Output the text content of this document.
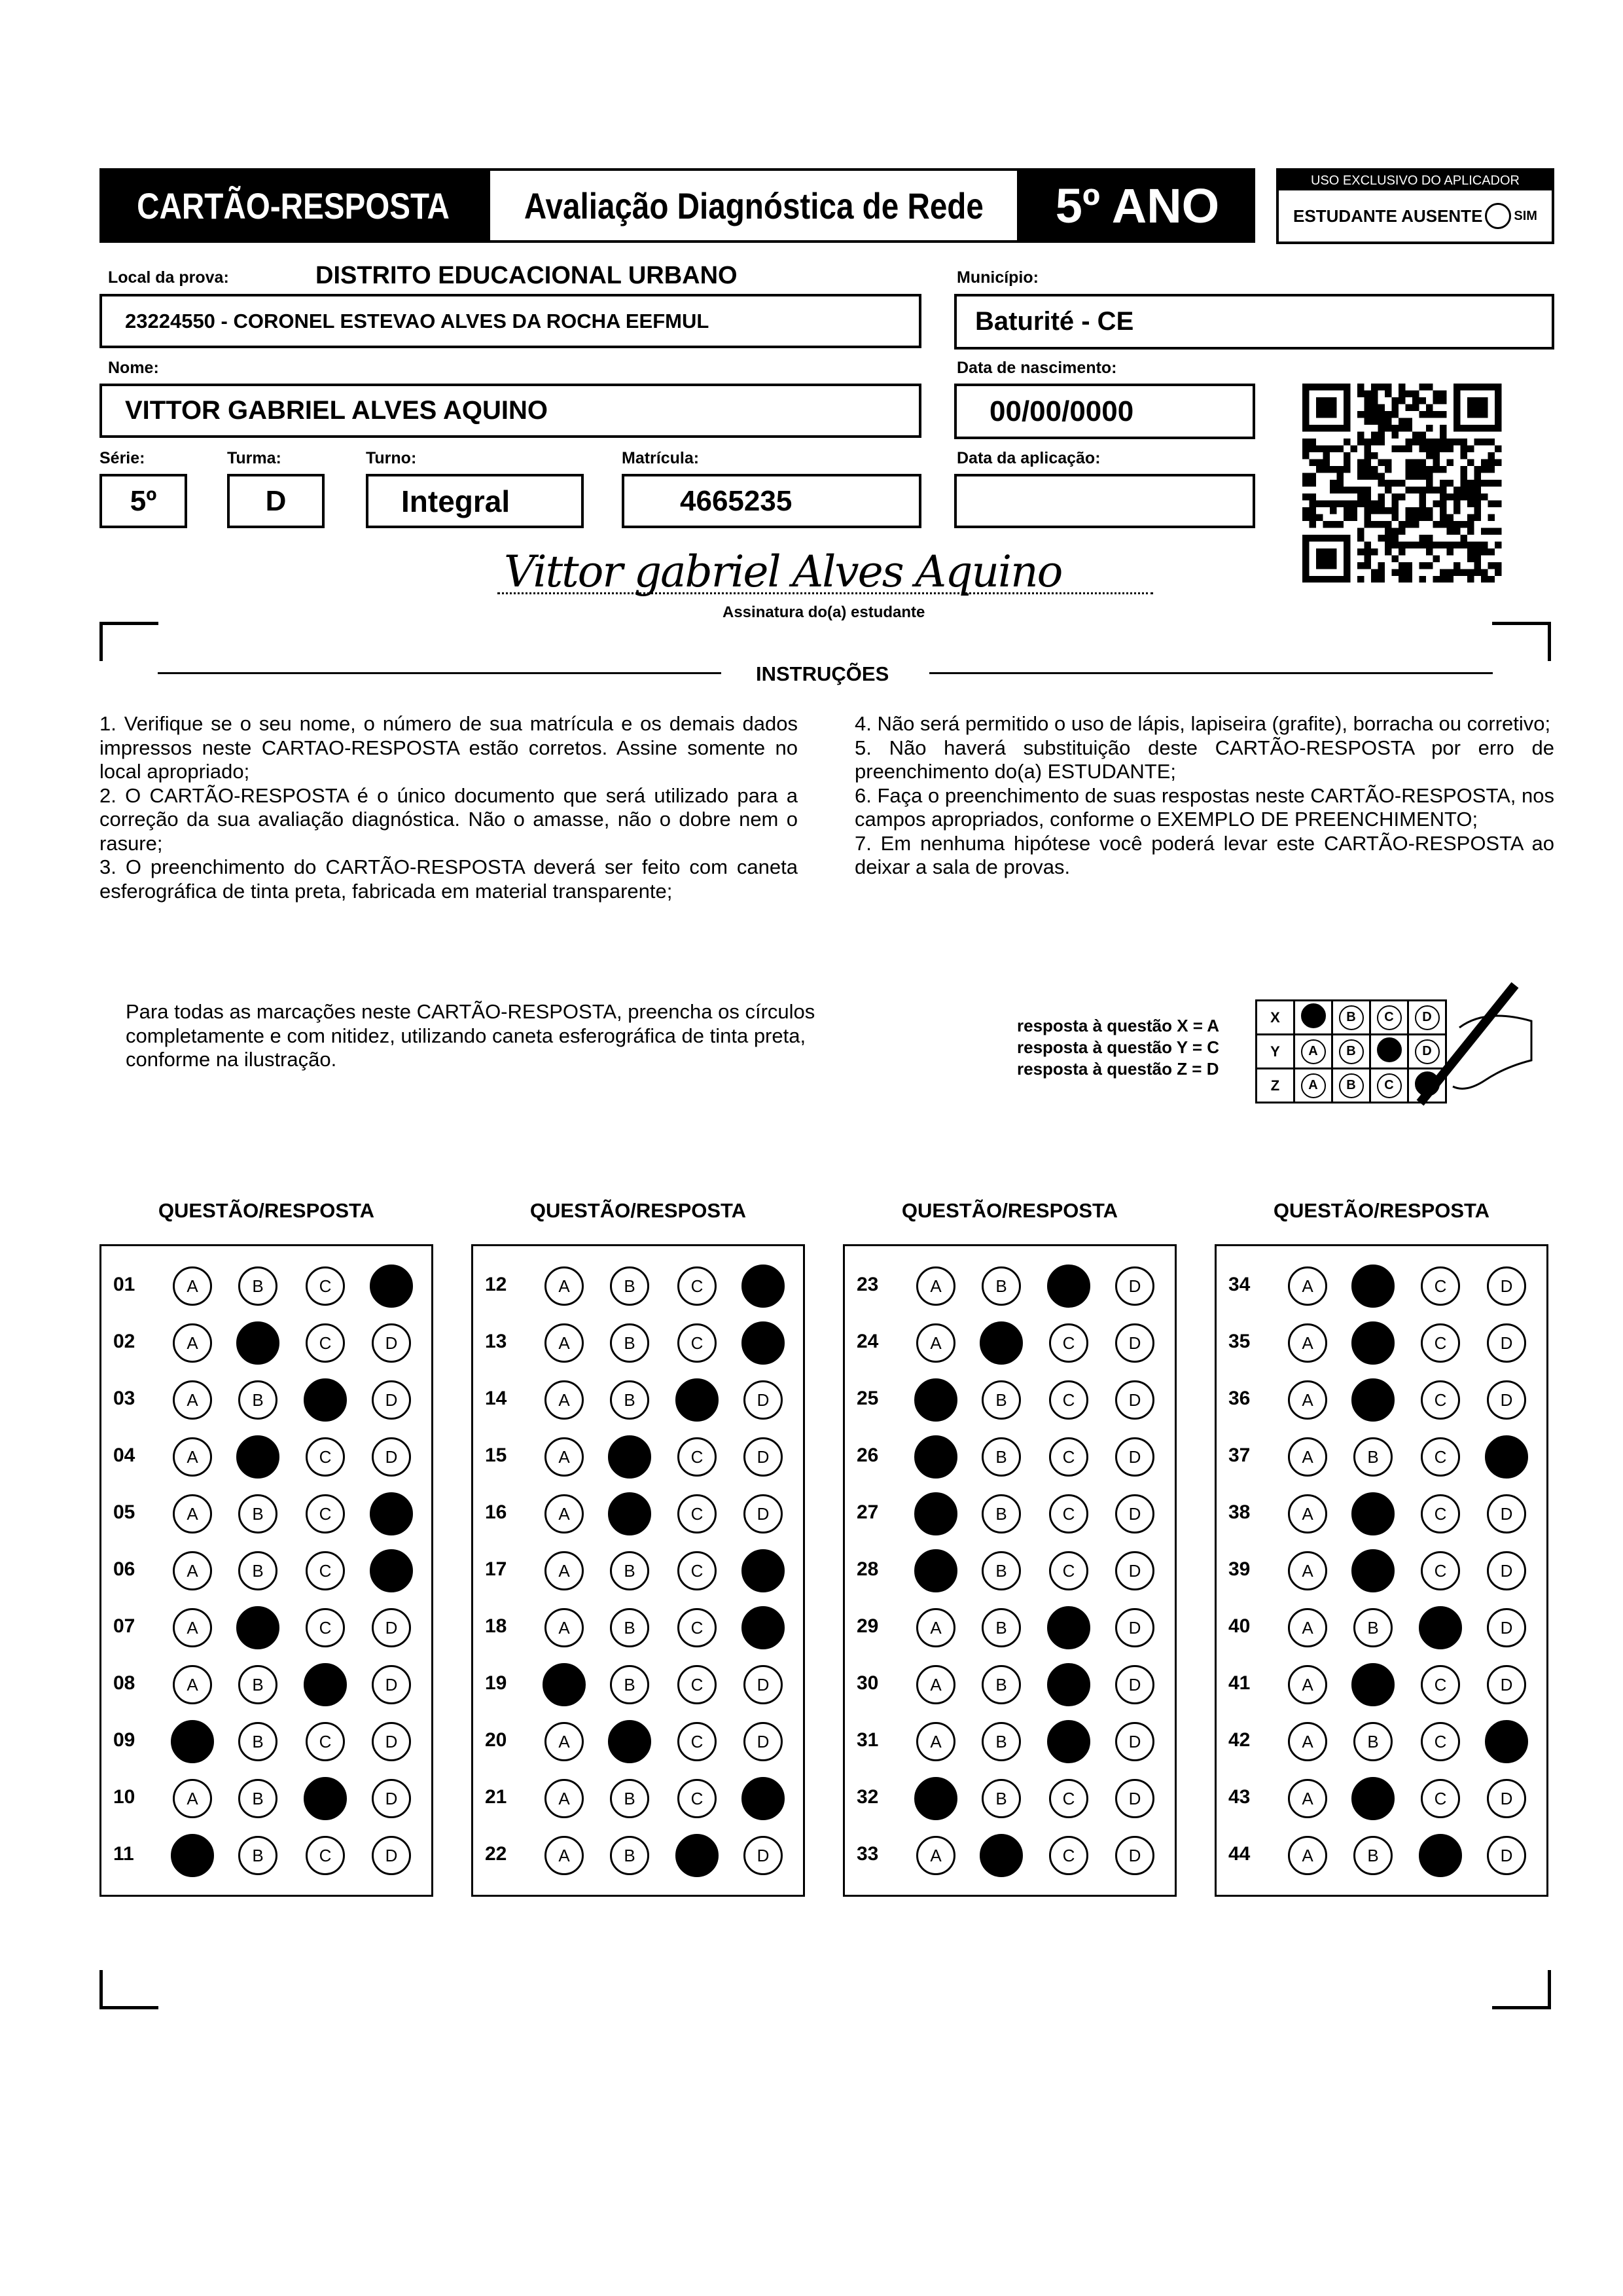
CARTÃO-RESPOSTA Avaliação Diagnóstica de Rede	5º ANO	USO EXCLUSIVO DO APLICADOR
ESTUDANTE AUSENTE SIM
Local da prova:	DISTRITO EDUCACIONAL URBANO
23224550 - CORONEL ESTEVAO ALVES DA ROCHA EEFMUL
Município:
Baturité - CE
Nome:
VITTOR GABRIEL ALVES AQUINO
Data de nascimento:
00/00/0000
Série:
5º
Turma:
D
Turno:
Integral
Matrícula:
4665235
Data da aplicação:
Vittor gabriel Alves Aquino
Assinatura do(a) estudante
INSTRUÇÕES
1. Verifique se o seu nome, o número de sua matrícula e os demais dados impressos neste CARTAO-RESPOSTA estão corretos. Assine somente no local apropriado;
2. O CARTÃO-RESPOSTA é o único documento que será utilizado para a correção da sua avaliação diagnóstica. Não o amasse, não o dobre nem o rasure;
3. O preenchimento do CARTÃO-RESPOSTA deverá ser feito com caneta esferográfica de tinta preta, fabricada em material transparente;
4. Não será permitido o uso de lápis, lapiseira (grafite), borracha ou corretivo;
5. Não haverá substituição deste CARTÃO-RESPOSTA por erro de preenchimento do(a) ESTUDANTE;
6. Faça o preenchimento de suas respostas neste CARTÃO-RESPOSTA, nos campos apropriados, conforme o EXEMPLO DE PREENCHIMENTO;
7. Em nenhuma hipótese você poderá levar este CARTÃO-RESPOSTA ao deixar a sala de provas.
Para todas as marcações neste CARTÃO-RESPOSTA, preencha os círculos completamente e com nitidez, utilizando caneta esferográfica de tinta preta, conforme na ilustração.
resposta à questão X = A
resposta à questão Y = C
resposta à questão Z = D
X		B	C	D
Y	A	B		D
Z	A	B	C	
QUESTÃO/RESPOSTA
01	A	B	C	D
02	A	B	C	D
03	A	B	C	D
04	A	B	C	D
05	A	B	C	D
06	A	B	C	D
07	A	B	C	D
08	A	B	C	D
09	A	B	C	D
10	A	B	C	D
11	A	B	C	D
QUESTÃO/RESPOSTA
12	A	B	C	D
13	A	B	C	D
14	A	B	C	D
15	A	B	C	D
16	A	B	C	D
17	A	B	C	D
18	A	B	C	D
19	A	B	C	D
20	A	B	C	D
21	A	B	C	D
22	A	B	C	D
QUESTÃO/RESPOSTA
23	A	B	C	D
24	A	B	C	D
25	A	B	C	D
26	A	B	C	D
27	A	B	C	D
28	A	B	C	D
29	A	B	C	D
30	A	B	C	D
31	A	B	C	D
32	A	B	C	D
33	A	B	C	D
QUESTÃO/RESPOSTA
34	A	B	C	D
35	A	B	C	D
36	A	B	C	D
37	A	B	C	D
38	A	B	C	D
39	A	B	C	D
40	A	B	C	D
41	A	B	C	D
42	A	B	C	D
43	A	B	C	D
44	A	B	C	D
